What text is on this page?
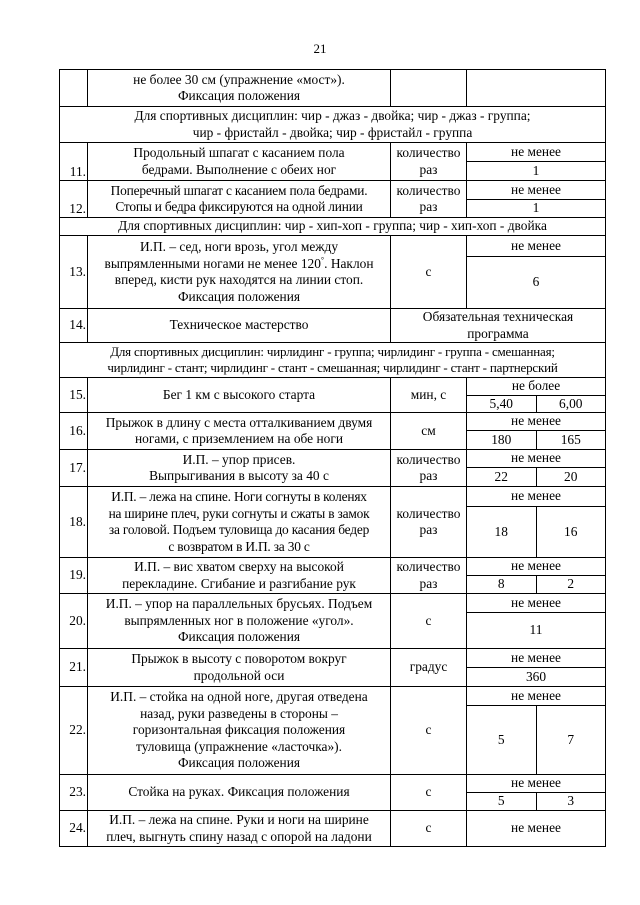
21
	не более 30 см (упражнение «мост»).
Фиксация положения		
Для спортивных дисциплин: чир - джаз - двойка; чир - джаз - группа;
чир - фристайл - двойка; чир - фристайл - группа
11.	Продольный шпагат с касанием пола
бедрами. Выполнение с обеих ног	количество
раз	
не менее
1

12.	Поперечный шпагат с касанием пола бедрами.
Стопы и бедра фиксируются на одной линии	количество
раз	
не менее
1

Для спортивных дисциплин: чир - хип-хоп - группа; чир - хип-хоп - двойка
13.	И.П. – сед, ноги врозь, угол между
выпрямленными ногами не менее 120°. Наклон
вперед, кисти рук находятся на линии стоп.
Фиксация положения	с	
не менее
6

14.	Техническое мастерство	Обязательная техническая
программа
Для спортивных дисциплин: чирлидинг - группа; чирлидинг - группа - смешанная;
чирлидинг - стант; чирлидинг - стант - смешанная; чирлидинг - стант - партнерский
15.	Бег 1 км с высокого старта	мин, с	
не более
5,40	6,00

16.	Прыжок в длину с места отталкиванием двумя
ногами, с приземлением на обе ноги	см	
не менее
180	165

17.	И.П. – упор присев.
Выпрыгивания в высоту за 40 с	количество
раз	
не менее
22	20

18.	И.П. – лежа на спине. Ноги согнуты в коленях
на ширине плеч, руки согнуты и сжаты в замок
за головой. Подъем туловища до касания бедер
с возвратом в И.П. за 30 с	количество
раз	
не менее
18	16

19.	И.П. – вис хватом сверху на высокой
перекладине. Сгибание и разгибание рук	количество
раз	
не менее
8	2

20.	И.П. – упор на параллельных брусьях. Подъем
выпрямленных ног в положение «угол».
Фиксация положения	с	
не менее
11

21.	Прыжок в высоту с поворотом вокруг
продольной оси	градус	
не менее
360

22.	И.П. – стойка на одной ноге, другая отведена
назад, руки разведены в стороны –
горизонтальная фиксация положения
туловища (упражнение «ласточка»).
Фиксация положения	с	
не менее
5	7

23.	Стойка на руках. Фиксация положения	с	
не менее
5	3

24.	И.П. – лежа на спине. Руки и ноги на ширине
плеч, выгнуть спину назад с опорой на ладони	с	не менее
